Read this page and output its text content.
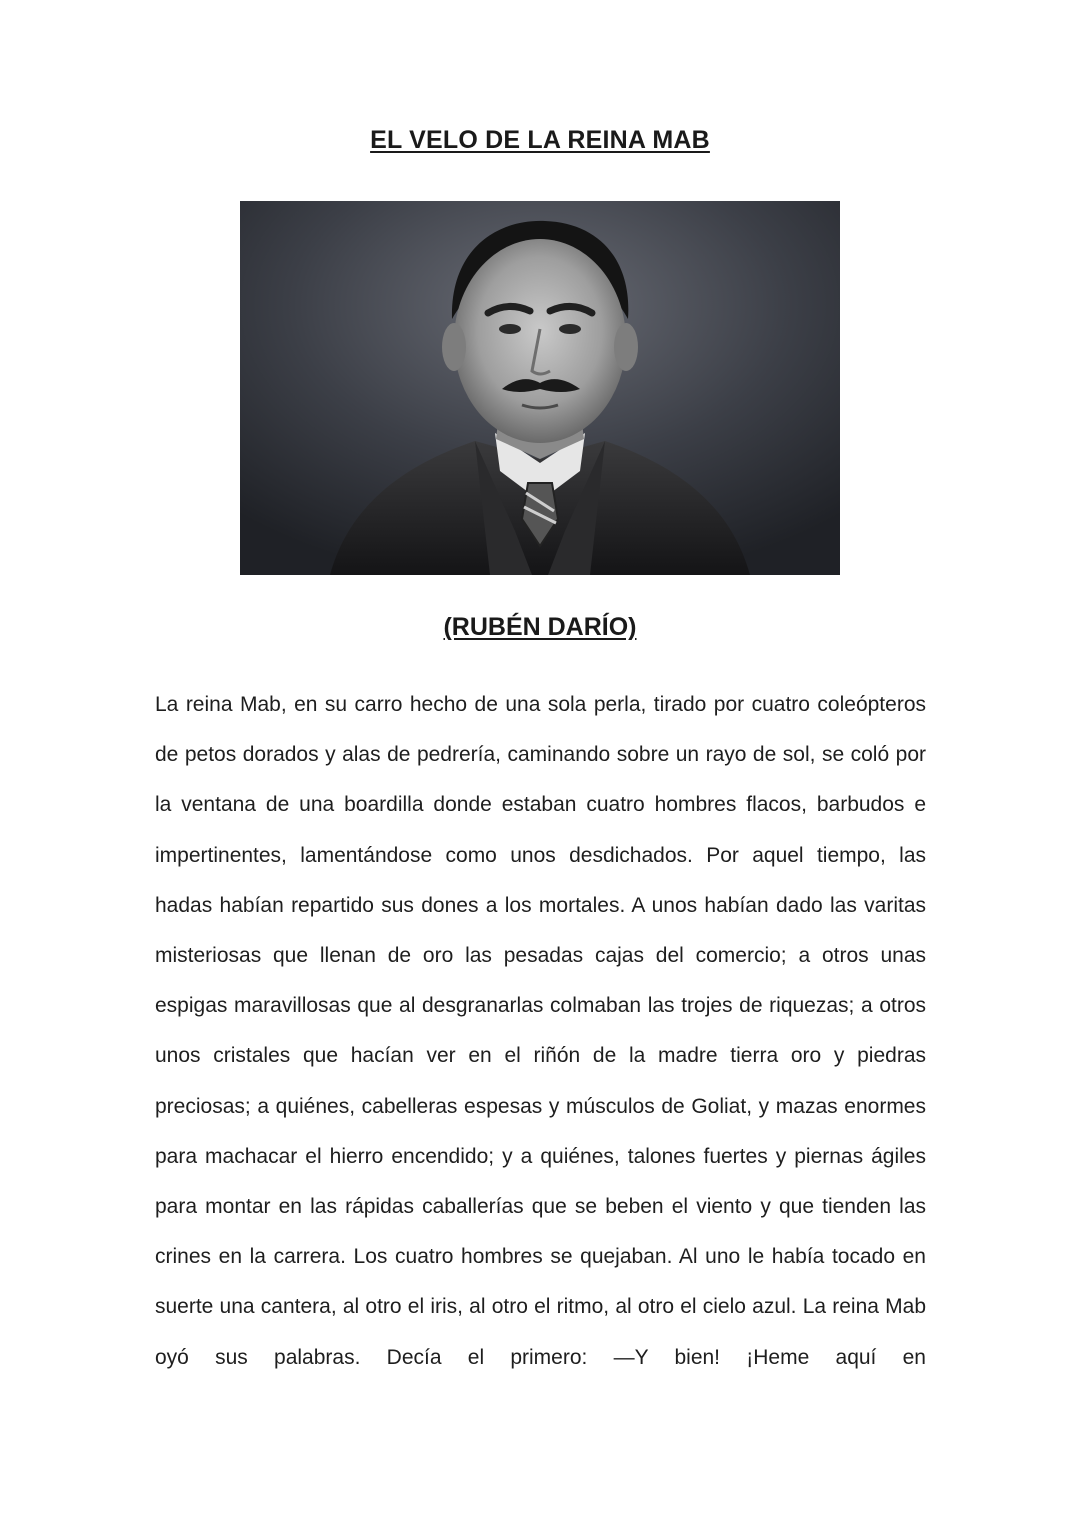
EL VELO DE LA REINA MAB
(RUBÉN DARÍO)

La reina Mab, en su carro hecho de una sola perla, tirado por cuatro coleópteros de petos dorados y alas de pedrería, caminando sobre un rayo de sol, se coló por la ventana de una boardilla donde estaban cuatro hombres flacos, barbudos e impertinentes, lamentándose como unos desdichados. Por aquel tiempo, las hadas habían repartido sus dones a los mortales. A unos habían dado las varitas misteriosas que llenan de oro las pesadas cajas del comercio; a otros unas espigas maravillosas que al desgranarlas colmaban las trojes de riquezas; a otros unos cristales que hacían ver en el riñón de la madre tierra oro y piedras preciosas; a quiénes, cabelleras espesas y músculos de Goliat, y mazas enormes para machacar el hierro encendido; y a quiénes, talones fuertes y piernas ágiles para montar en las rápidas caballerías que se beben el viento y que tienden las crines en la carrera. Los cuatro hombres se quejaban. Al uno le había tocado en suerte una cantera, al otro el iris, al otro el ritmo, al otro el cielo azul. La reina Mab oyó sus palabras. Decía el primero: —Y bien! ¡Heme aquí en
